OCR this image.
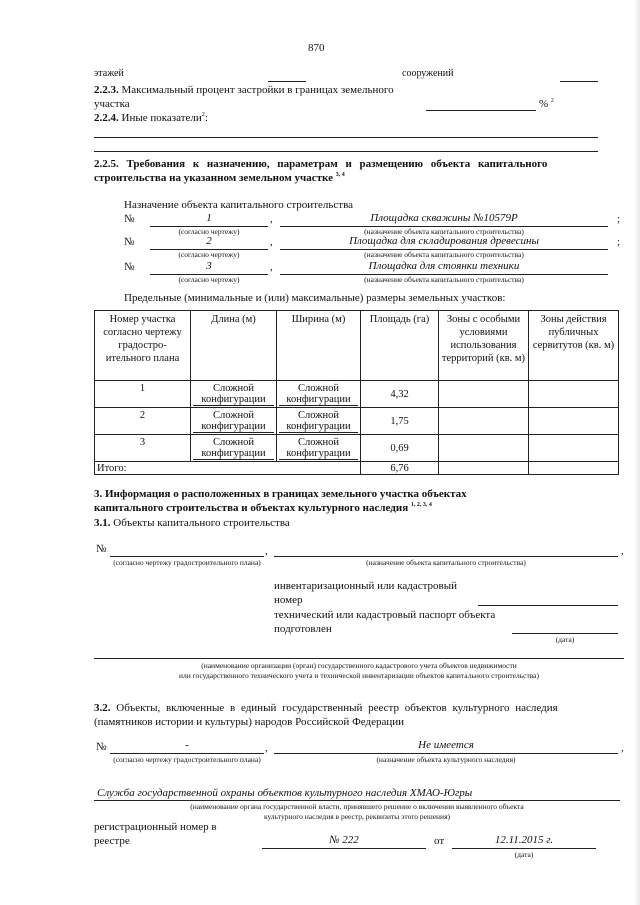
870
этажей	сооружений
2.2.3. Максимальный процент застройки в границах земельного
участка	% $^2$
2.2.4. Иные показатели$^2$:
2.2.5. Требования к назначению, параметрам и размещению объекта капитального
строительства на указанном земельном участке $^{3, 4}$
Назначение объекта капитального строительства
№	1	,	Площадка скважины №10579Р	;
(согласно чертежу)	(назначение объекта капитального строительства)
№	2	,	Площадка для складирования древесины	;
(согласно чертежу)	(назначение объекта капитального строительства)
№	3	,	Площадка для стоянки техники
(согласно чертежу)	(назначение объекта капитального строительства)
Предельные (минимальные и (или) максимальные) размеры земельных участков:
Номер участка согласно чертежу градостро- ительного плана	Длина (м)	Ширина (м)	Площадь (га)	Зоны с особыми условиями использования территорий (кв. м)	Зоны действия публичных сервитутов (кв. м)
1	Сложной конфигурации	Сложной конфигурации	4,32		
2	Сложной конфигурации	Сложной конфигурации	1,75		
3	Сложной конфигурации	Сложной конфигурации	0,69		
Итого:			6,76		
3. Информация о расположенных в границах земельного участка объектах
капитального строительства и объектах культурного наследия $^{1, 2, 3, 4}$
3.1. Объекты капитального строительства
№	,	,
(согласно чертежу градостроительного плана)	(назначение объекта капитального строительства)
инвентаризационный или кадастровый
номер
технический или кадастровый паспорт объекта
подготовлен
(дата)
(наименование организации (орган) государственного кадастрового учета объектов недвижимости
или государственного технического учета и технической инвентаризации объектов капитального строительства)
3.2. Объекты, включенные в единый государственный реестр объектов культурного наследия
(памятников истории и культуры) народов Российской Федерации
№	-	,	Не имеется	,
(согласно чертежу градостроительного плана)	(назначение объекта культурного наследия)
Служба государственной охраны объектов культурного наследия ХМАО-Югры
(наименование органа государственной власти, принявшего решение о включении выявленного объекта
культурного наследия в реестр, реквизиты этого решения)
регистрационный номер в
реестре	№ 222	от	12.11.2015 г.
(дата)
